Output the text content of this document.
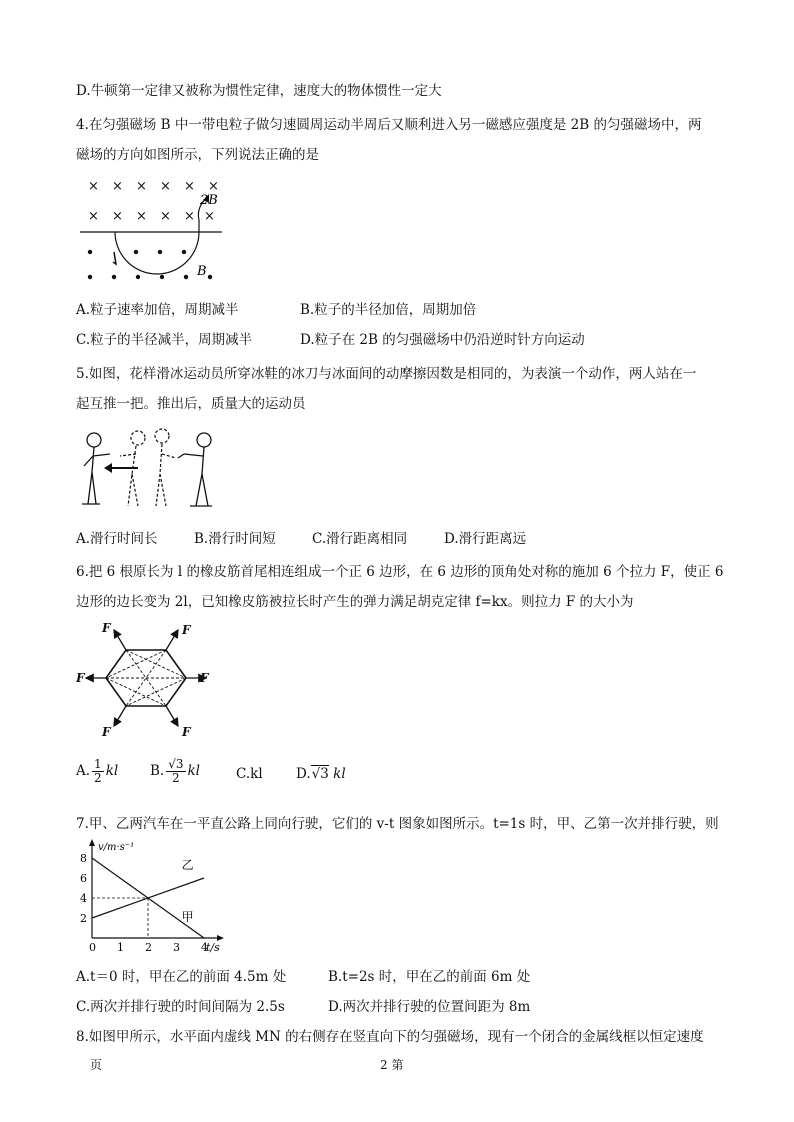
D.牛顿第一定律又被称为惯性定律，速度大的物体惯性一定大
4.在匀强磁场 B 中一带电粒子做匀速圆周运动半周后又顺利进入另一磁感应强度是 2B 的匀强磁场中，两
磁场的方向如图所示，下列说法正确的是
× × × × × ×
× × × × × ×
2B
B
A.粒子速率加倍，周期减半	B.粒子的半径加倍，周期加倍
C.粒子的半径减半，周期减半	D.粒子在 2B 的匀强磁场中仍沿逆时针方向运动
5.如图，花样滑冰运动员所穿冰鞋的冰刀与冰面间的动摩擦因数是相同的，为表演一个动作，两人站在一
起互推一把。推出后，质量大的运动员
A.滑行时间长	B.滑行时间短	C.滑行距离相同	D.滑行距离远
6.把 6 根原长为 l 的橡皮筋首尾相连组成一个正 6 边形，在 6 边形的顶角处对称的施加 6 个拉力 F，使正 6
边形的边长变为 2l，已知橡皮筋被拉长时产生的弹力满足胡克定律 f=kx。则拉力 F 的大小为
F	F
F	F
F	F
A. $\frac{1}{2}$ kl B. $\frac{√3}{2}$ kl	C.kl D.√3 kl
7.甲、乙两汽车在一平直公路上同向行驶，它们的 v-t 图象如图所示。t=1s 时，甲、乙第一次并排行驶，则
0 1 2 3 4
2
4
6
8	乙
甲
v/m·s⁻¹
t/s
A.t＝0 时，甲在乙的前面 4.5m 处	B.t=2s 时，甲在乙的前面 6m 处
C.两次并排行驶的时间间隔为 2.5s	D.两次并排行驶的位置间距为 8m
8.如图甲所示，水平面内虚线 MN 的右侧存在竖直向下的匀强磁场，现有一个闭合的金属线框以恒定速度
页	2 第
